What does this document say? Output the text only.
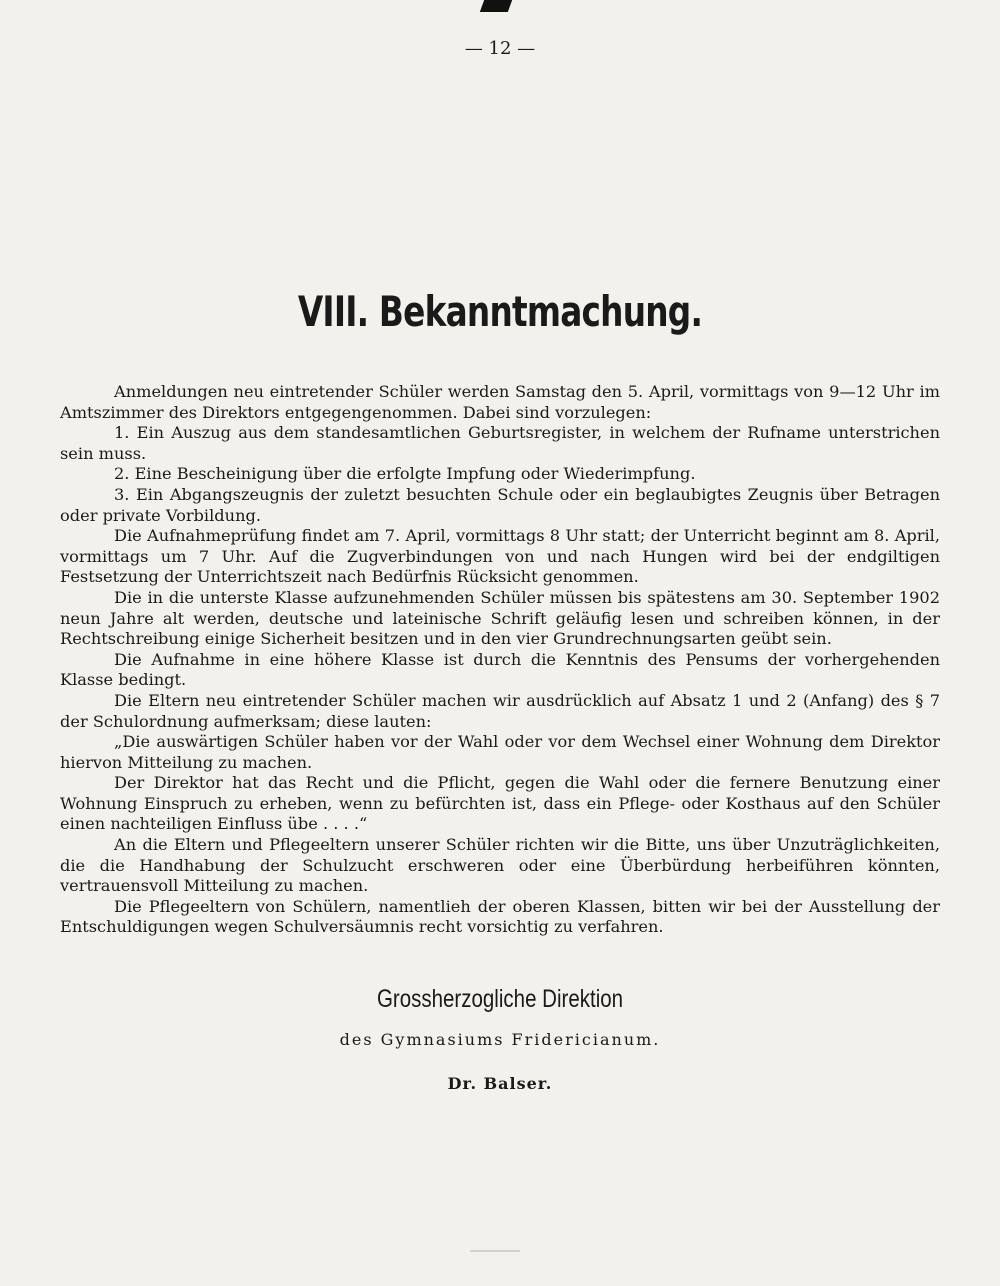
— 12 —
VIII. Bekanntmachung.

Anmeldungen neu eintretender Schüler werden Samstag den 5. April, vormittags von 9—12 Uhr im Amtszimmer des Direktors entgegengenommen. Dabei sind vorzulegen:

1. Ein Auszug aus dem standesamtlichen Geburtsregister, in welchem der Rufname unterstrichen sein muss.

2. Eine Bescheinigung über die erfolgte Impfung oder Wiederimpfung.

3. Ein Abgangszeugnis der zuletzt besuchten Schule oder ein beglaubigtes Zeugnis über Betragen oder private Vorbildung.

Die Aufnahmeprüfung findet am 7. April, vormittags 8 Uhr statt; der Unterricht beginnt am 8. April, vormittags um 7 Uhr. Auf die Zugverbindungen von und nach Hungen wird bei der endgiltigen Festsetzung der Unterrichtszeit nach Bedürfnis Rücksicht genommen.

Die in die unterste Klasse aufzunehmenden Schüler müssen bis spätestens am 30. September 1902 neun Jahre alt werden, deutsche und lateinische Schrift geläufig lesen und schreiben können, in der Rechtschreibung einige Sicherheit besitzen und in den vier Grundrechnungsarten geübt sein.

Die Aufnahme in eine höhere Klasse ist durch die Kenntnis des Pensums der vorhergehenden Klasse bedingt.

Die Eltern neu eintretender Schüler machen wir ausdrücklich auf Absatz 1 und 2 (Anfang) des § 7 der Schulordnung aufmerksam; diese lauten:

„Die auswärtigen Schüler haben vor der Wahl oder vor dem Wechsel einer Wohnung dem Direktor hiervon Mitteilung zu machen.

Der Direktor hat das Recht und die Pflicht, gegen die Wahl oder die fernere Benutzung einer Wohnung Einspruch zu erheben, wenn zu befürchten ist, dass ein Pflege- oder Kosthaus auf den Schüler einen nachteiligen Einfluss übe . . . .“

An die Eltern und Pflegeeltern unserer Schüler richten wir die Bitte, uns über Unzuträglichkeiten, die die Handhabung der Schulzucht erschweren oder eine Überbürdung herbeiführen könnten, vertrauensvoll Mitteilung zu machen.

Die Pflegeeltern von Schülern, namentlieh der oberen Klassen, bitten wir bei der Ausstellung der Entschuldigungen wegen Schulversäumnis recht vorsichtig zu verfahren.

Grossherzogliche Direktion
des Gymnasiums Fridericianum.
Dr. Balser.
